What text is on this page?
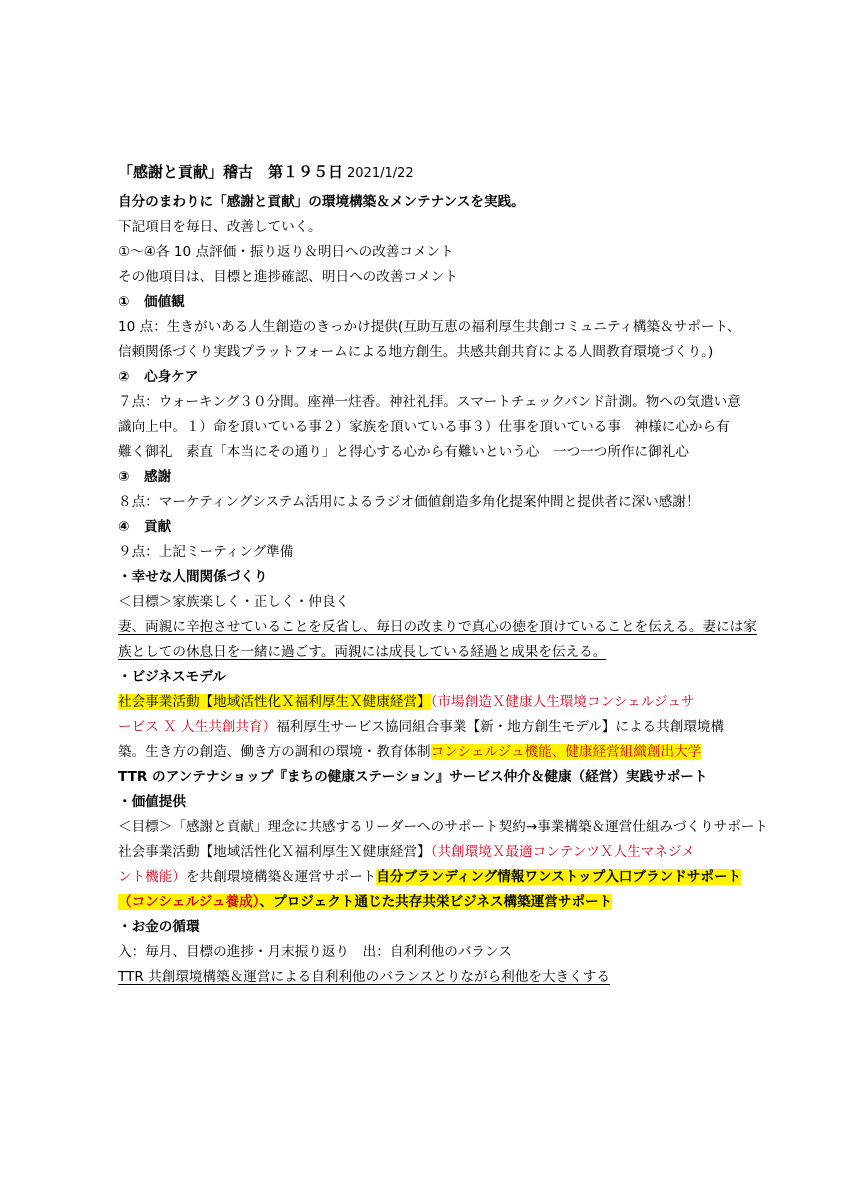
「感謝と貢献」稽古　第１９５日 2021/1/22
自分のまわりに「感謝と貢献」の環境構築＆メンテナンスを実践。
下記項目を毎日、改善していく。
①～④各 10 点評価・振り返り＆明日への改善コメント
その他項目は、目標と進捗確認、明日への改善コメント
① 価値観
10 点：生きがいある人生創造のきっかけ提供(互助互恵の福利厚生共創コミュニティ構築＆サポート、
信頼関係づくり実践プラットフォームによる地方創生。共感共創共育による人間教育環境づくり。)
② 心身ケア
７点：ウォーキング３０分間。座禅一炷香。神社礼拝。スマートチェックバンド計測。物への気遣い意
識向上中。１）命を頂いている事２）家族を頂いている事３）仕事を頂いている事　神様に心から有
難く御礼　素直「本当にその通り」と得心する心から有難いという心　一つ一つ所作に御礼心
③ 感謝
８点：マーケティングシステム活用によるラジオ価値創造多角化提案仲間と提供者に深い感謝！
④ 貢献
９点：上記ミーティング準備
・幸せな人間関係づくり
＜目標＞家族楽しく・正しく・仲良く
妻、両親に辛抱させていることを反省し、毎日の改まりで真心の徳を頂けていることを伝える。妻には家
族としての休息日を一緒に過ごす。両親には成長している経過と成果を伝える。
・ビジネスモデル
社会事業活動【地域活性化Ｘ福利厚生Ｘ健康経営】（市場創造Ｘ健康人生環境コンシェルジュサ
ービス Ｘ 人生共創共育）福利厚生サービス協同組合事業【新・地方創生モデル】による共創環境構
築。生き方の創造、働き方の調和の環境・教育体制コンシェルジュ機能、健康経営組織創出大学
TTR のアンテナショップ『まちの健康ステーション』サービス仲介＆健康（経営）実践サポート
・価値提供
＜目標＞「感謝と貢献」理念に共感するリーダーへのサポート契約→事業構築＆運営仕組みづくりサポート
社会事業活動【地域活性化Ｘ福利厚生Ｘ健康経営】（共創環境Ｘ最適コンテンツＸ人生マネジメ
ント機能）を共創環境構築＆運営サポート自分ブランディング情報ワンストップ入口ブランドサポート
（コンシェルジュ養成）、プロジェクト通じた共存共栄ビジネス構築運営サポート
・お金の循環
入：毎月、目標の進捗・月末振り返り　出：自利利他のバランス
TTR 共創環境構築＆運営による自利利他のバランスとりながら利他を大きくする
